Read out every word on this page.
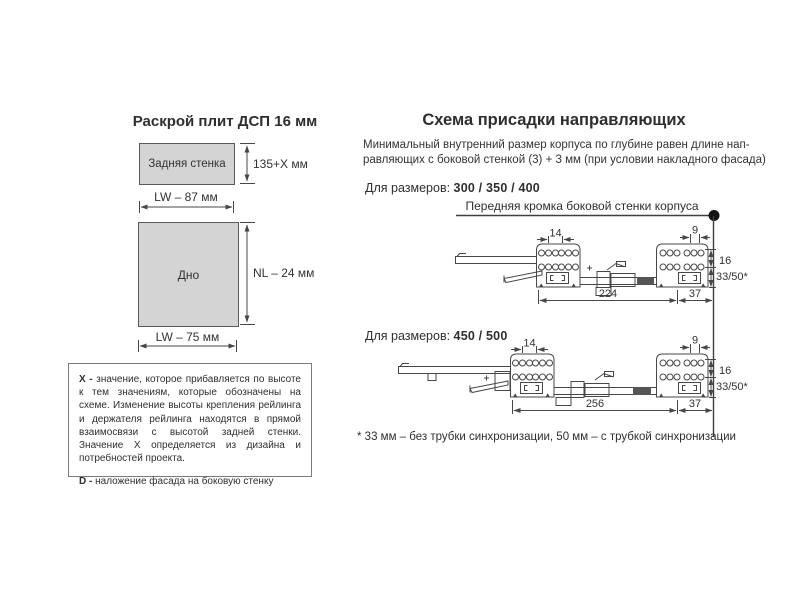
Раскрой плит ДСП 16 мм
Задняя стенка 135+X мм
LW – 87 мм
Дно	NL – 24 мм
LW – 75 мм

X - значение, которое прибавляется по высоте к тем значениям, которые обозначены на схеме. Изменение высоты крепления рейлинга и держателя рейлинга находятся в прямой взаимосвязи с высотой задней стенки. Значение X определяется из дизайна и потребностей проекта.

D - наложение фасада на боковую стенку

Схема присадки направляющих
Минимальный внутренний размер корпуса по глубине равен длине нап-
равляющих с боковой стенкой (3) + 3 мм (при условии накладного фасада)
Для размеров: 300 / 350 / 400
Передняя кромка боковой стенки корпуса
Для размеров: 450 / 500
* 33 мм – без трубки синхронизации, 50 мм – с трубкой синхронизации
14	9
16
33/50*
224	37
14	9
16
33/50*
256	37
